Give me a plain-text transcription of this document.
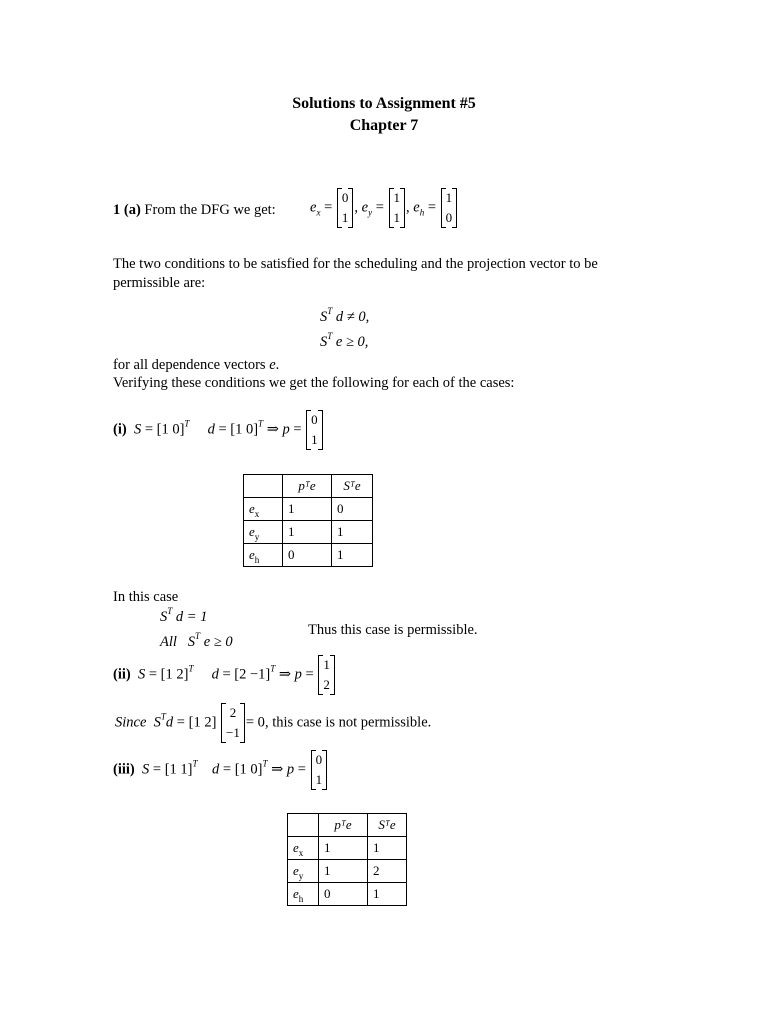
Solutions to Assignment #5
Chapter 7
1 (a) From the DFG we get: $e_x$ =
0
1
, $e_y$ =
1
1
, $e_h$ =
1
0
The two conditions to be satisfied for the scheduling and the projection vector to be permissible are:
$S^T$ d ≠ 0,
$S^T$ e ≥ 0,
for all dependence vectors e.
Verifying these conditions we get the following for each of the cases:
(i)  S = [1 0]$^T$     d = [1 0]$^T$ ⇒ p =
0
1
	pᵀe	Sᵀe
$e_x$	1	0
$e_y$	1	1
$e_h$	0	1
In this case
$S^T$ d = 1
All   $S^T$ e ≥ 0
Thus this case is permissible.
(ii)  S = [1 2]$^T$     $d = [2 -1]^T$ ⇒ p =
1
2
Since  $S^Td = [1$ 2]
2
−1
= 0, this case is not permissible.
(iii)  S = [1 1]$^T$    d = [1 0]$^T$ ⇒ p =
0
1
	pᵀe	Sᵀe
$e_x$	1	1
$e_y$	1	2
$e_h$	0	1
